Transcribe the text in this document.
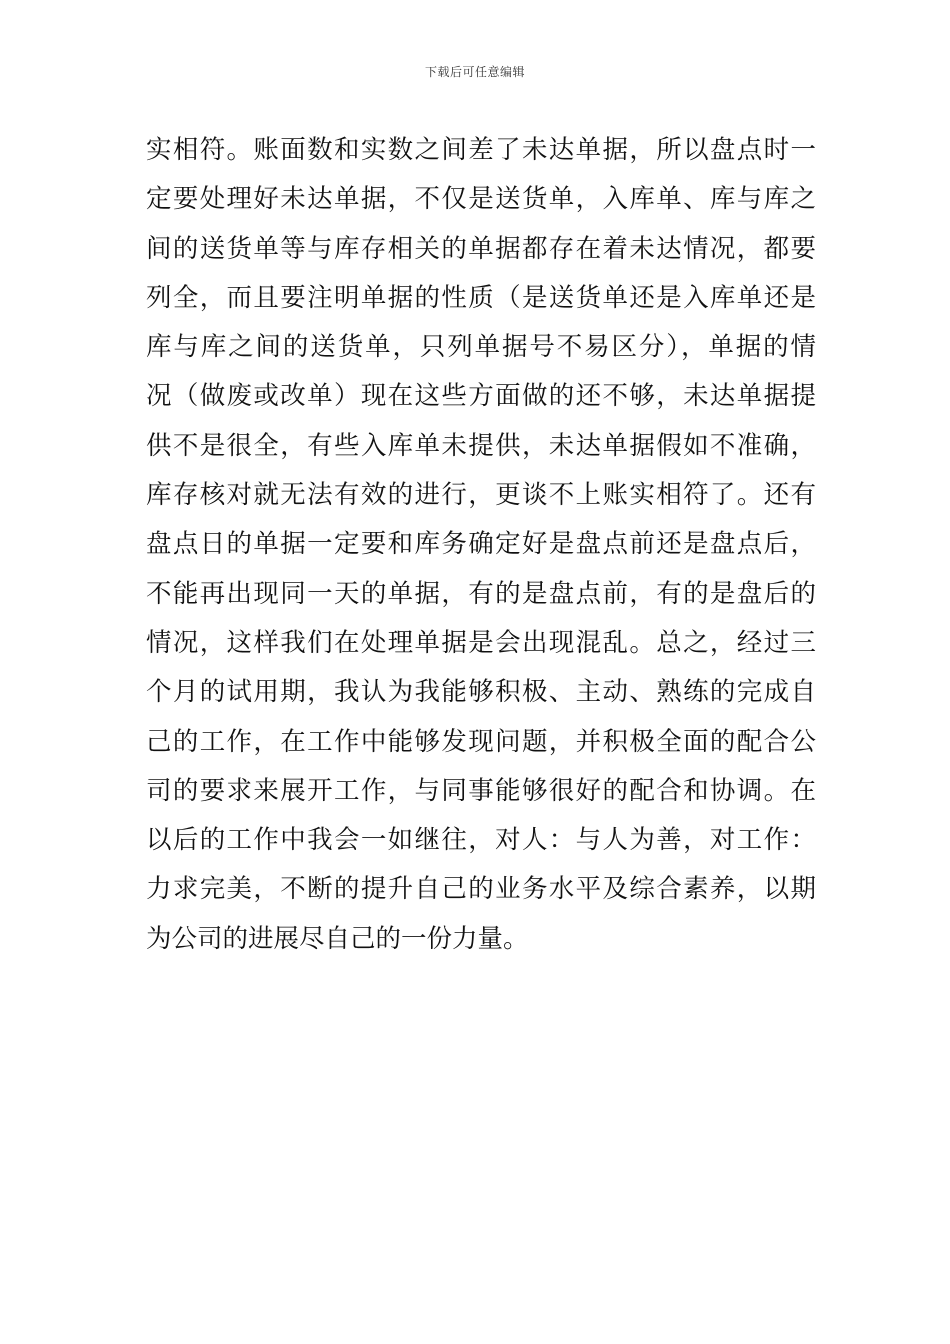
下载后可任意编辑
实相符。账面数和实数之间差了未达单据，所以盘点时一
定要处理好未达单据，不仅是送货单，入库单、库与库之
间的送货单等与库存相关的单据都存在着未达情况，都要
列全，而且要注明单据的性质（是送货单还是入库单还是
库与库之间的送货单，只列单据号不易区分），单据的情
况（做废或改单）现在这些方面做的还不够，未达单据提
供不是很全，有些入库单未提供，未达单据假如不准确，
库存核对就无法有效的进行，更谈不上账实相符了。还有
盘点日的单据一定要和库务确定好是盘点前还是盘点后，
不能再出现同一天的单据，有的是盘点前，有的是盘后的
情况，这样我们在处理单据是会出现混乱。总之，经过三
个月的试用期，我认为我能够积极、主动、熟练的完成自
己的工作，在工作中能够发现问题，并积极全面的配合公
司的要求来展开工作，与同事能够很好的配合和协调。在
以后的工作中我会一如继往，对人：与人为善，对工作：
力求完美，不断的提升自己的业务水平及综合素养，以期
为公司的进展尽自己的一份力量。
